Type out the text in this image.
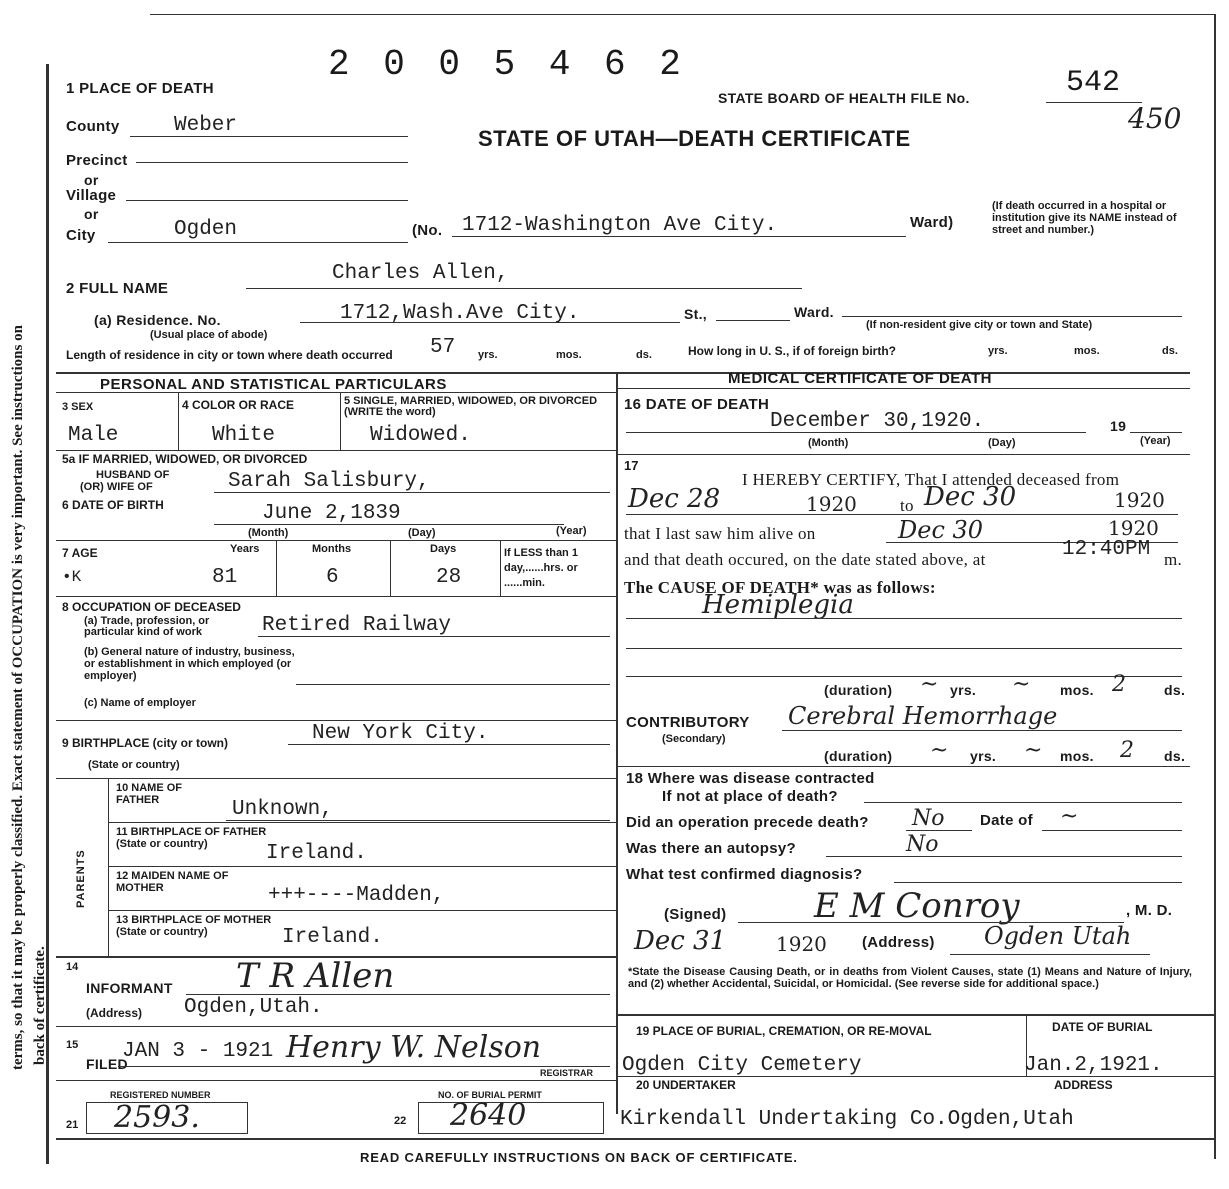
terms, so that it may be properly classified. Exact statement of OCCUPATION is very important. See instructions on back of certificate.
2 0 0 5 4 6 2
1 PLACE OF DEATH
STATE BOARD OF HEALTH FILE No.	542
450
STATE OF UTAH—DEATH CERTIFICATE
County	Weber
Precinct
or
Village
or
City	Ogden	(No. 1712-Washington Ave City.	Ward)
(If death occurred in a hospital or institution give its NAME instead of street and number.)
2 FULL NAME
Charles Allen,
(a) Residence. No.
(Usual place of abode)
1712,Wash.Ave City.	St.,	Ward.
(If non-resident give city or town and State)
Length of residence in city or town where death occurred 57 yrs.	mos.	ds.	How long in U. S., if of foreign birth?	yrs.	mos.	ds.
PERSONAL AND STATISTICAL PARTICULARS
3 SEX	4 COLOR OR RACE	5 SINGLE, MARRIED, WIDOWED, OR DIVORCED (WRITE the word)
Male	White	Widowed.
5a IF MARRIED, WIDOWED, OR DIVORCED
HUSBAND OF
(OR) WIFE OF	Sarah Salisbury,
6 DATE OF BIRTH	June 2,1839
(Month)	(Day)	(Year)
7 AGE	Years	Months	Days	If LESS than 1 day,......hrs. or ......min.
•K	81	6	28
8 OCCUPATION OF DECEASED
(a) Trade, profession, or particular kind of work	Retired Railway
(b) General nature of industry, business, or establishment in which employed (or employer)
(c) Name of employer
9 BIRTHPLACE (city or town)	New York City.
(State or country)
PARENTS
10 NAME OF FATHER	Unknown,
11 BIRTHPLACE OF FATHER (State or country)	Ireland.
12 MAIDEN NAME OF MOTHER	+++----Madden,
13 BIRTHPLACE OF MOTHER (State or country)	Ireland.
14
INFORMANT T R Allen
(Address) Ogden,Utah.
15
FILED
JAN 3 - 1921 Henry W. Nelson
REGISTRAR
REGISTERED NUMBER
21 2593.
NO. OF BURIAL PERMIT
22 2640
MEDICAL CERTIFICATE OF DEATH
16 DATE OF DEATH
December 30,1920.	19
(Month)	(Day)	(Year)
17
I HEREBY CERTIFY, That I attended deceased from
Dec 28	1920	to Dec 30	1920
that I last saw him alive on	Dec 30	1920
and that death occured, on the date stated above, at	12:40PM m.
The CAUSE OF DEATH* was as follows:
Hemiplegia
(duration) ~ yrs. ~ mos. 2	ds.
CONTRIBUTORY
(Secondary)
Cerebral Hemorrhage
(duration) ~ yrs. ~ mos. 2 ds.
18 Where was disease contracted
If not at place of death?
Did an operation precede death? No Date of ~
Was there an autopsy?	No
What test confirmed diagnosis?
(Signed)	E M Conroy	, M. D.
Dec 31 1920 (Address) Ogden Utah
*State the Disease Causing Death, or in deaths from Violent Causes, state (1) Means and Nature of Injury, and (2) whether Accidental, Suicidal, or Homicidal. (See reverse side for additional space.)
19 PLACE OF BURIAL, CREMATION, OR RE-MOVAL	DATE OF BURIAL
Ogden City Cemetery	Jan.2,1921.
20 UNDERTAKER	ADDRESS
Kirkendall Undertaking Co.Ogden,Utah
READ CAREFULLY INSTRUCTIONS ON BACK OF CERTIFICATE.
